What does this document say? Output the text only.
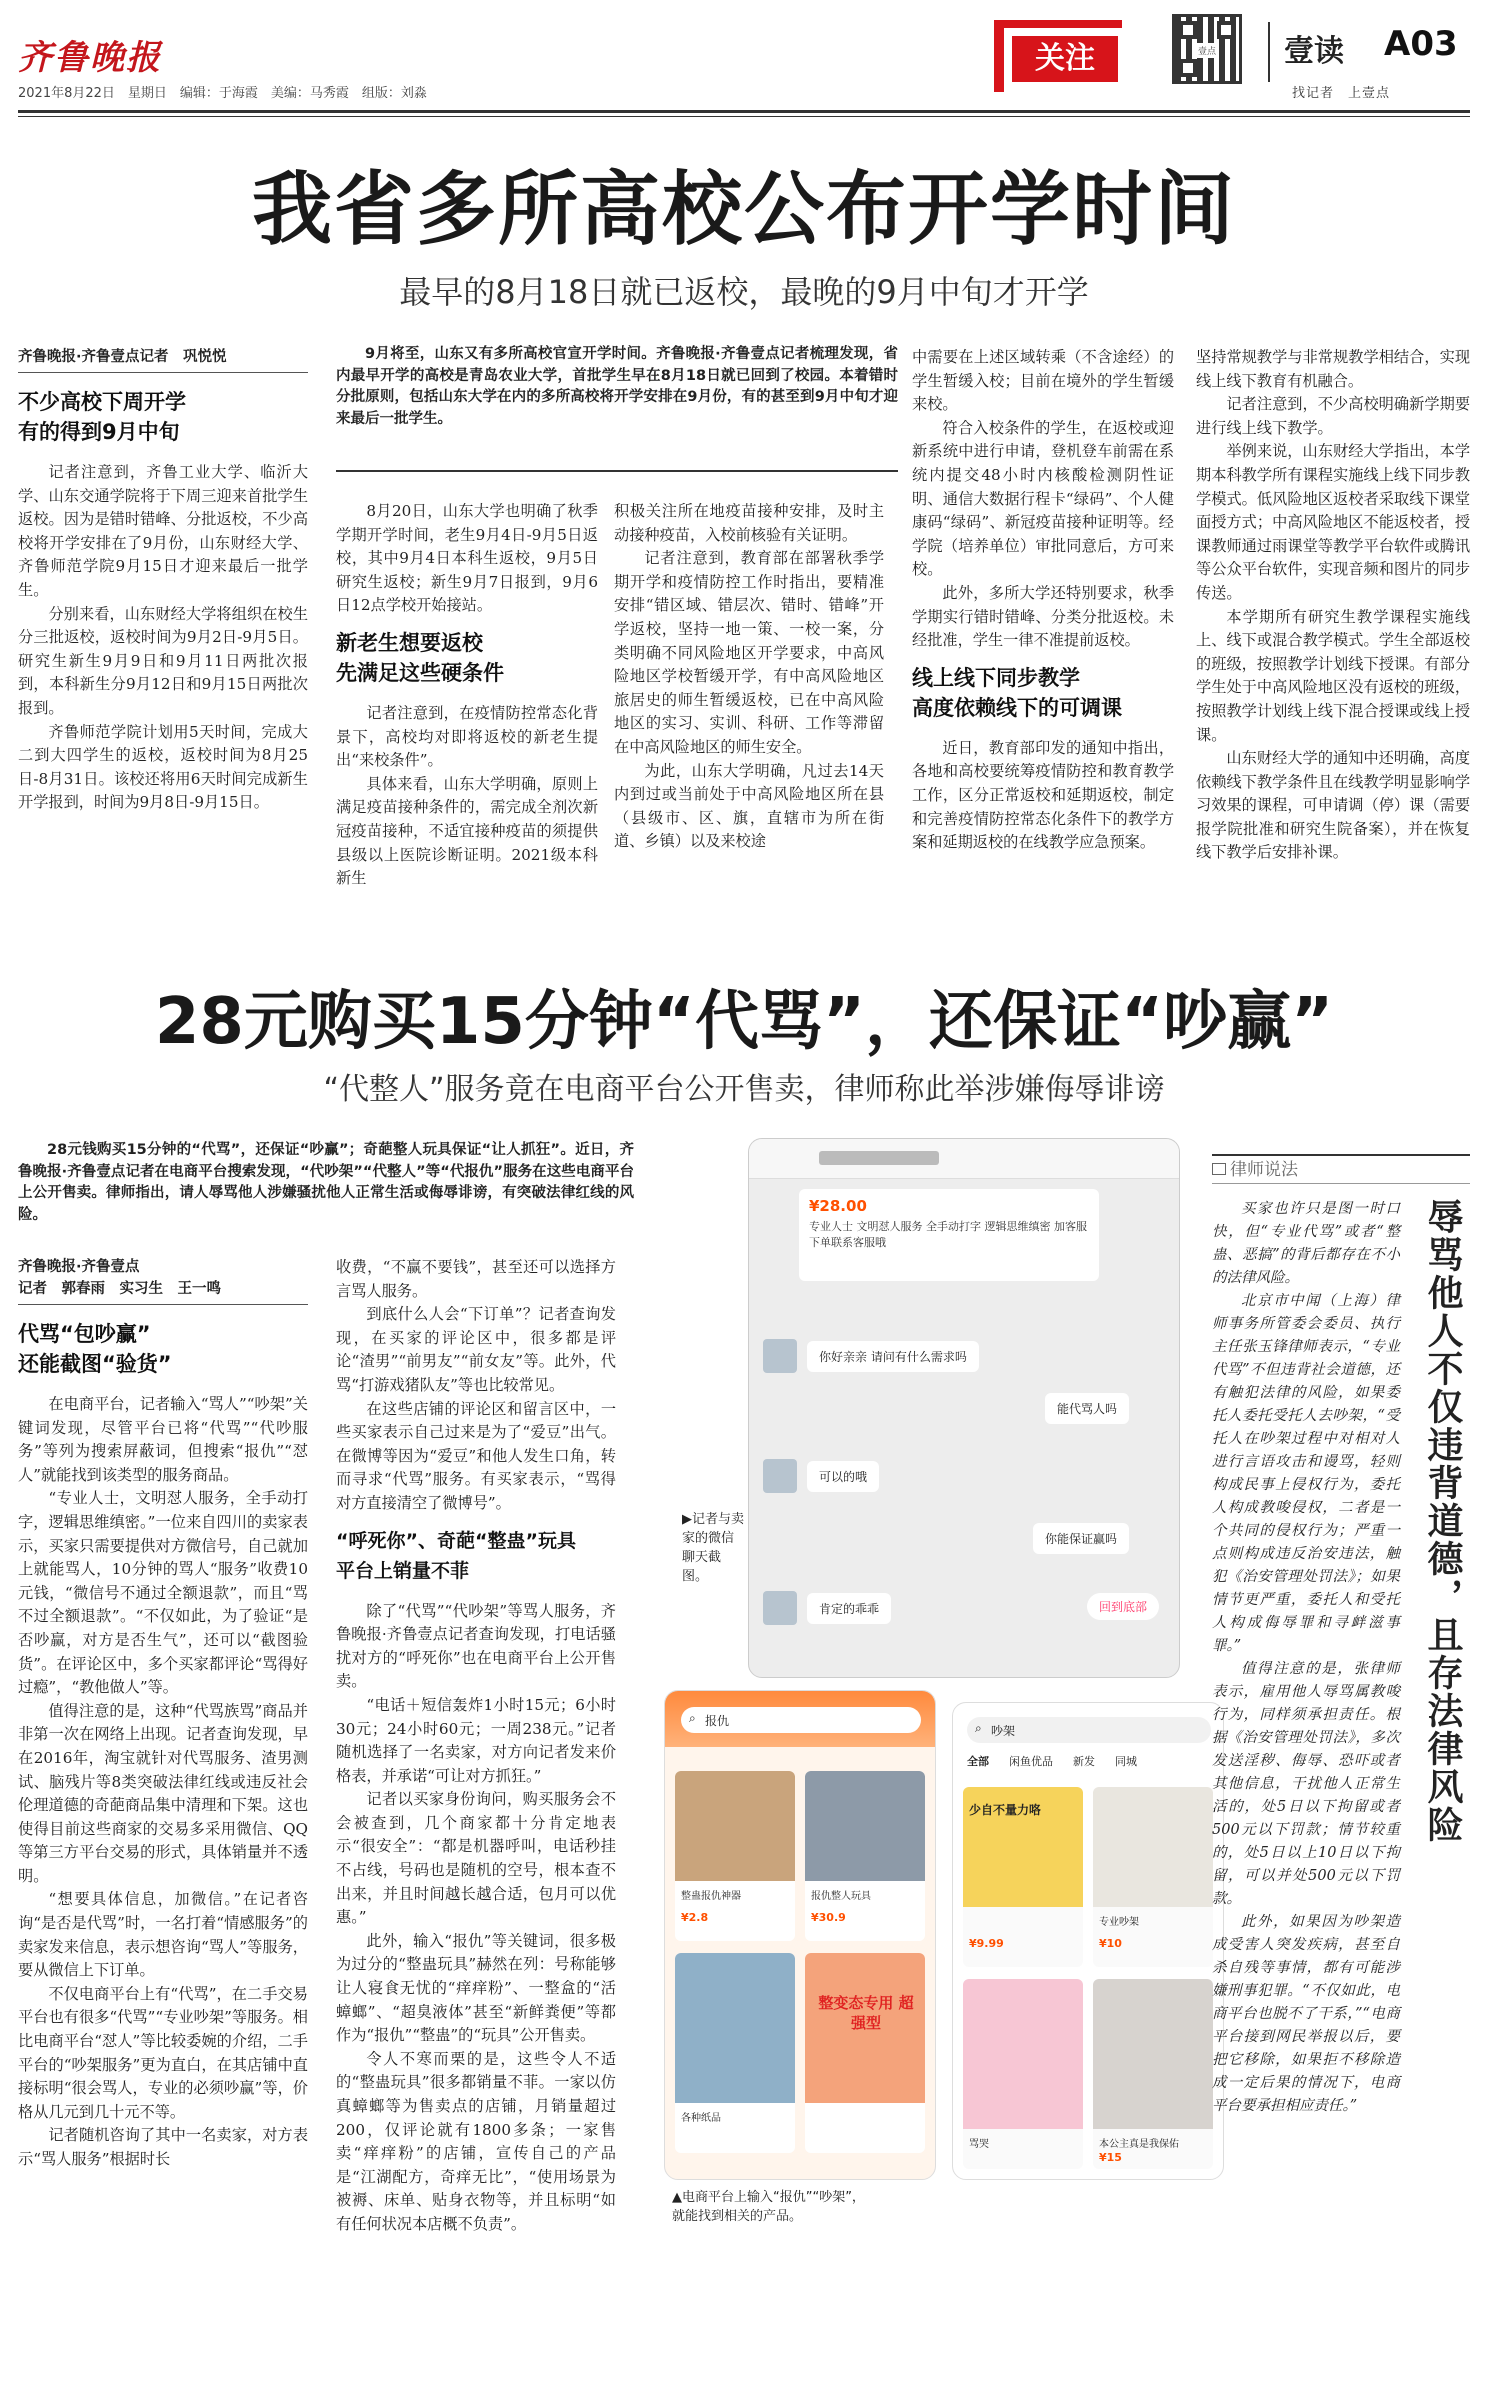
齐鲁晚报
2021年8月22日　星期日　编辑：于海霞　美编：马秀霞　组版：刘淼
关注	壹点 壹读 A03
找记者　上壹点
我省多所高校公布开学时间
最早的8月18日就已返校，最晚的9月中旬才开学
9月将至，山东又有多所高校官宣开学时间。齐鲁晚报·齐鲁壹点记者梳理发现，省内最早开学的高校是青岛农业大学，首批学生早在8月18日就已回到了校园。本着错时分批原则，包括山东大学在内的多所高校将开学安排在9月份，有的甚至到9月中旬才迎来最后一批学生。
齐鲁晚报·齐鲁壹点记者　巩悦悦
不少高校下周开学
有的得到9月中旬

记者注意到，齐鲁工业大学、临沂大学、山东交通学院将于下周三迎来首批学生返校。因为是错时错峰、分批返校，不少高校将开学安排在了9月份，山东财经大学、齐鲁师范学院9月15日才迎来最后一批学生。

分别来看，山东财经大学将组织在校生分三批返校，返校时间为9月2日-9月5日。研究生新生9月9日和9月11日两批次报到，本科新生分9月12日和9月15日两批次报到。

齐鲁师范学院计划用5天时间，完成大二到大四学生的返校，返校时间为8月25日-8月31日。该校还将用6天时间完成新生开学报到，时间为9月8日-9月15日。

8月20日，山东大学也明确了秋季学期开学时间，老生9月4日-9月5日返校，其中9月4日本科生返校，9月5日研究生返校；新生9月7日报到，9月6日12点学校开始接站。

新老生想要返校
先满足这些硬条件

记者注意到，在疫情防控常态化背景下，高校均对即将返校的新老生提出“来校条件”。

具体来看，山东大学明确，原则上满足疫苗接种条件的，需完成全剂次新冠疫苗接种，不适宜接种疫苗的须提供县级以上医院诊断证明。2021级本科新生

积极关注所在地疫苗接种安排，及时主动接种疫苗，入校前核验有关证明。

记者注意到，教育部在部署秋季学期开学和疫情防控工作时指出，要精准安排“错区域、错层次、错时、错峰”开学返校，坚持一地一策、一校一案，分类明确不同风险地区开学要求，中高风险地区学校暂缓开学，有中高风险地区旅居史的师生暂缓返校，已在中高风险地区的实习、实训、科研、工作等滞留在中高风险地区的师生安全。

为此，山东大学明确，凡过去14天内到过或当前处于中高风险地区所在县（县级市、区、旗，直辖市为所在街道、乡镇）以及来校途

中需要在上述区域转乘（不含途经）的学生暂缓入校；目前在境外的学生暂缓来校。

符合入校条件的学生，在返校或迎新系统中进行申请，登机登车前需在系统内提交48小时内核酸检测阴性证明、通信大数据行程卡“绿码”、个人健康码“绿码”、新冠疫苗接种证明等。经学院（培养单位）审批同意后，方可来校。

此外，多所大学还特别要求，秋季学期实行错时错峰、分类分批返校。未经批准，学生一律不准提前返校。

线上线下同步教学
高度依赖线下的可调课

近日，教育部印发的通知中指出，各地和高校要统筹疫情防控和教育教学工作，区分正常返校和延期返校，制定和完善疫情防控常态化条件下的教学方案和延期返校的在线教学应急预案。

坚持常规教学与非常规教学相结合，实现线上线下教育有机融合。

记者注意到，不少高校明确新学期要进行线上线下教学。

举例来说，山东财经大学指出，本学期本科教学所有课程实施线上线下同步教学模式。低风险地区返校者采取线下课堂面授方式；中高风险地区不能返校者，授课教师通过雨课堂等教学平台软件或腾讯等公众平台软件，实现音频和图片的同步传送。

本学期所有研究生教学课程实施线上、线下或混合教学模式。学生全部返校的班级，按照教学计划线下授课。有部分学生处于中高风险地区没有返校的班级，按照教学计划线上线下混合授课或线上授课。

山东财经大学的通知中还明确，高度依赖线下教学条件且在线教学明显影响学习效果的课程，可申请调（停）课（需要报学院批准和研究生院备案），并在恢复线下教学后安排补课。

28元购买15分钟“代骂”，还保证“吵赢”
“代整人”服务竟在电商平台公开售卖，律师称此举涉嫌侮辱诽谤
28元钱购买15分钟的“代骂”，还保证“吵赢”；奇葩整人玩具保证“让人抓狂”。近日，齐鲁晚报·齐鲁壹点记者在电商平台搜索发现，“代吵架”“代整人”等“代报仇”服务在这些电商平台上公开售卖。律师指出，请人辱骂他人涉嫌骚扰他人正常生活或侮辱诽谤，有突破法律红线的风险。
齐鲁晚报·齐鲁壹点
记者　郭春雨　实习生　王一鸣
代骂“包吵赢”
还能截图“验货”

在电商平台，记者输入“骂人”“吵架”关键词发现，尽管平台已将“代骂”“代吵服务”等列为搜索屏蔽词，但搜索“报仇”“怼人”就能找到该类型的服务商品。

“专业人士，文明怼人服务，全手动打字，逻辑思维缜密。”一位来自四川的卖家表示，买家只需要提供对方微信号，自己就加上就能骂人，10分钟的骂人“服务”收费10元钱，“微信号不通过全额退款”，而且“骂不过全额退款”。“不仅如此，为了验证“是否吵赢，对方是否生气”，还可以“截图验货”。在评论区中，多个买家都评论“骂得好过瘾”，“教他做人”等。

值得注意的是，这种“代骂族骂”商品并非第一次在网络上出现。记者查询发现，早在2016年，淘宝就针对代骂服务、渣男测试、脑残片等8类突破法律红线或违反社会伦理道德的奇葩商品集中清理和下架。这也使得目前这些商家的交易多采用微信、QQ等第三方平台交易的形式，具体销量并不透明。

“想要具体信息，加微信。”在记者咨询“是否是代骂”时，一名打着“情感服务”的卖家发来信息，表示想咨询“骂人”等服务，要从微信上下订单。

不仅电商平台上有“代骂”，在二手交易平台也有很多“代骂”“专业吵架”等服务。相比电商平台“怼人”等比较委婉的介绍，二手平台的“吵架服务”更为直白，在其店铺中直接标明“很会骂人，专业的必须吵赢”等，价格从几元到几十元不等。

记者随机咨询了其中一名卖家，对方表示“骂人服务”根据时长

收费，“不赢不要钱”，甚至还可以选择方言骂人服务。

到底什么人会“下订单”？记者查询发现，在买家的评论区中，很多都是评论“渣男”“前男友”“前女友”等。此外，代骂“打游戏猪队友”等也比较常见。

在这些店铺的评论区和留言区中，一些买家表示自己过来是为了“爱豆”出气。在微博等因为“爱豆”和他人发生口角，转而寻求“代骂”服务。有买家表示，“骂得对方直接清空了微博号”。

“呼死你”、奇葩“整蛊”玩具
平台上销量不菲

除了“代骂”“代吵架”等骂人服务，齐鲁晚报·齐鲁壹点记者查询发现，打电话骚扰对方的“呼死你”也在电商平台上公开售卖。

“电话＋短信轰炸1小时15元；6小时30元；24小时60元；一周238元。”记者随机选择了一名卖家，对方向记者发来价格表，并承诺“可让对方抓狂。”

记者以买家身份询问，购买服务会不会被查到，几个商家都十分肯定地表示“很安全”：“都是机器呼叫，电话秒挂不占线，号码也是随机的空号，根本查不出来，并且时间越长越合适，包月可以优惠。”

此外，输入“报仇”等关键词，很多极为过分的“整蛊玩具”赫然在列：号称能够让人寝食无忧的“痒痒粉”、一整盒的“活蟑螂”、“超臭液体”甚至“新鲜粪便”等都作为“报仇”“整蛊”的“玩具”公开售卖。

令人不寒而栗的是，这些令人不适的“整蛊玩具”很多都销量不菲。一家以仿真蟑螂等为售卖点的店铺，月销量超过200，仅评论就有1800多条；一家售卖“痒痒粉”的店铺，宣传自己的产品是“江湖配方，奇痒无比”，“使用场景为被褥、床单、贴身衣物等，并且标明“如有任何状况本店概不负责”。

¥28.00
专业人士 文明怼人服务 全手动打字 逻辑思维缜密 加客服下单联系客服哦
你好亲亲 请问有什么需求吗
能代骂人吗
可以的哦
你能保证赢吗
肯定的乖乖	回到底部
▶记者与卖家的微信聊天截图。
⌕ 报仇
整蛊报仇神器
¥2.8
报仇整人玩具
¥30.9
各种纸品
整变态专用 超强型
⌕ 吵架
全部 闲鱼优品 新发 同城
少自不量力咯
¥9.99
专业吵架
¥10
骂哭	本公主真是我保佑
¥15
▲电商平台上输入“报仇”“吵架”，就能找到相关的产品。
律师说法

买家也许只是图一时口快，但“专业代骂”或者“整蛊、恶搞”的背后都存在不小的法律风险。

北京市中闻（上海）律师事务所管委会委员、执行主任张玉锋律师表示，“专业代骂”不但违背社会道德，还有触犯法律的风险，如果委托人委托受托人去吵架，“受托人在吵架过程中对相对人进行言语攻击和谩骂，轻则构成民事上侵权行为，委托人构成教唆侵权，二者是一个共同的侵权行为；严重一点则构成违反治安违法，触犯《治安管理处罚法》；如果情节更严重，委托人和受托人构成侮辱罪和寻衅滋事罪。”

值得注意的是，张律师表示，雇用他人辱骂属教唆行为，同样须承担责任。根据《治安管理处罚法》，多次发送淫秽、侮辱、恐吓或者其他信息，干扰他人正常生活的，处5日以下拘留或者500元以下罚款；情节较重的，处5日以上10日以下拘留，可以并处500元以下罚款。

此外，如果因为吵架造成受害人突发疾病，甚至自杀自残等事情，都有可能涉嫌刑事犯罪。“不仅如此，电商平台也脱不了干系，”“电商平台接到网民举报以后，要把它移除，如果拒不移除造成一定后果的情况下，电商平台要承担相应责任。”

辱骂他人不仅违背道德，且存法律风险
